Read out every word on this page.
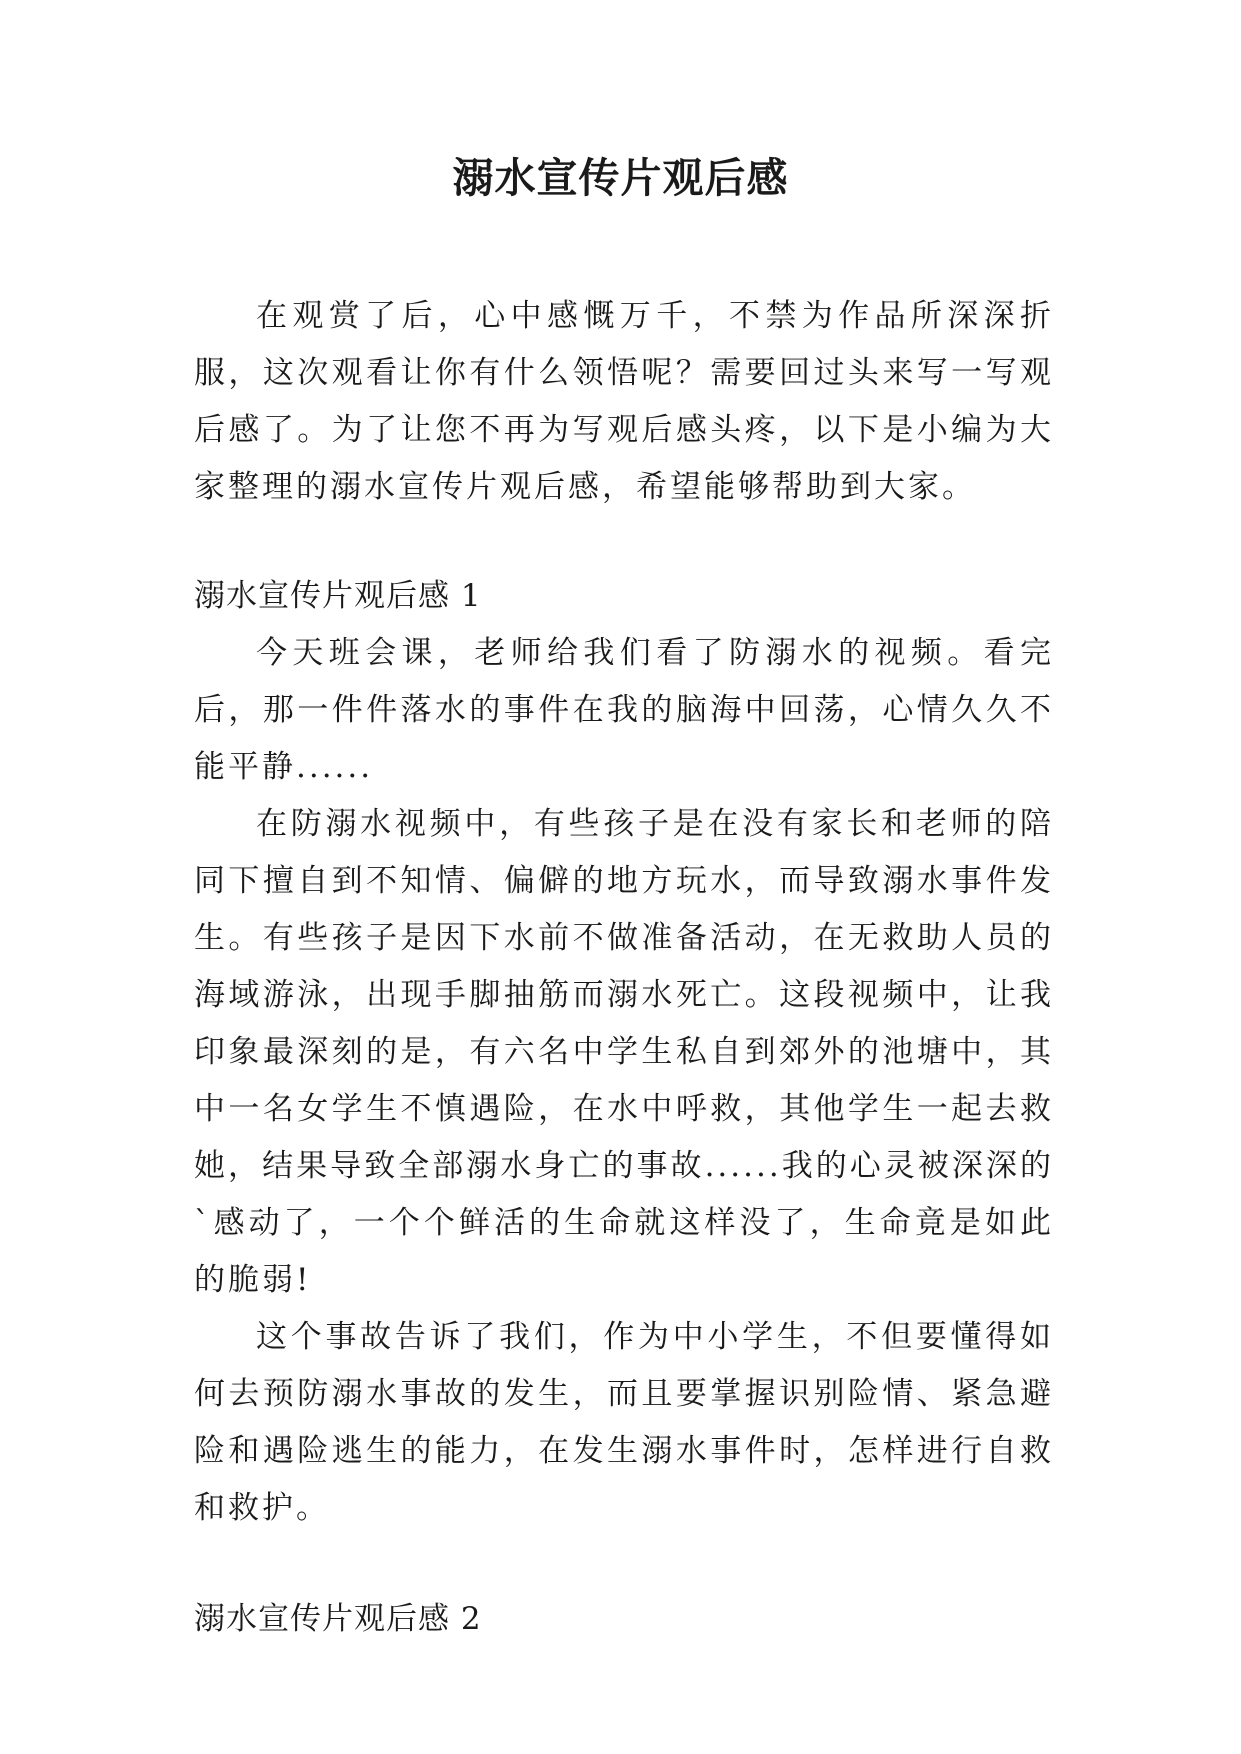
溺水宣传片观后感

在观赏了后，心中感慨万千，不禁为作品所深深折服，这次观看让你有什么领悟呢？需要回过头来写一写观后感了。为了让您不再为写观后感头疼，以下是小编为大家整理的溺水宣传片观后感，希望能够帮助到大家。

溺水宣传片观后感 1

今天班会课，老师给我们看了防溺水的视频。看完后，那一件件落水的事件在我的脑海中回荡，心情久久不能平静......

在防溺水视频中，有些孩子是在没有家长和老师的陪同下擅自到不知情、偏僻的地方玩水，而导致溺水事件发生。有些孩子是因下水前不做准备活动，在无救助人员的海域游泳，出现手脚抽筋而溺水死亡。这段视频中，让我印象最深刻的是，有六名中学生私自到郊外的池塘中，其中一名女学生不慎遇险，在水中呼救，其他学生一起去救她，结果导致全部溺水身亡的事故......我的心灵被深深的`感动了，一个个鲜活的生命就这样没了，生命竟是如此的脆弱!

这个事故告诉了我们，作为中小学生，不但要懂得如何去预防溺水事故的发生，而且要掌握识别险情、紧急避险和遇险逃生的能力，在发生溺水事件时，怎样进行自救和救护。

溺水宣传片观后感 2
